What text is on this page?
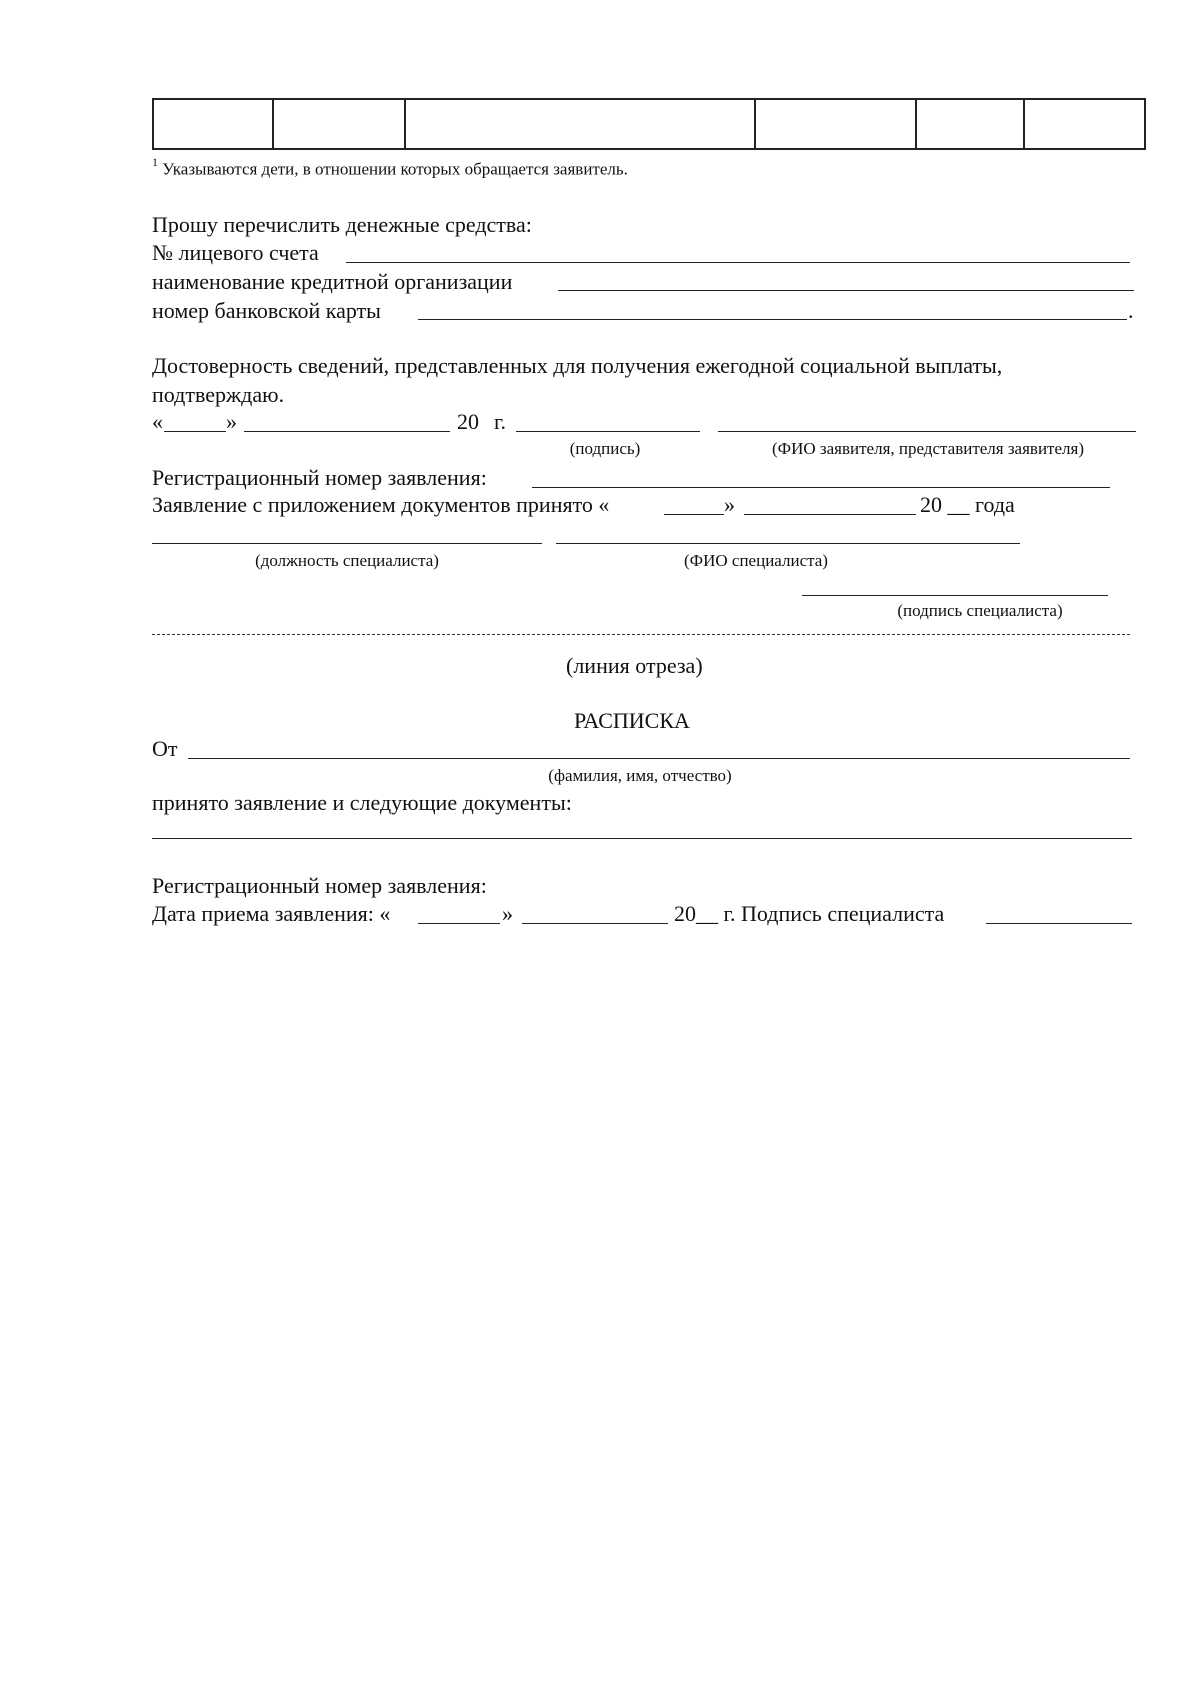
$^1$ Указываются дети, в отношении которых обращается заявитель.
Прошу перечислить денежные средства:
№ лицевого счета
наименование кредитной организации
номер банковской карты	.
Достоверность сведений, представленных для получения ежегодной социальной выплаты,
подтверждаю.
«	»	20 г.
(подпись)	(ФИО заявителя, представителя заявителя)
Регистрационный номер заявления:
Заявление с приложением документов принято «	»	20 __ года
(должность специалиста)	(ФИО специалиста)
(подпись специалиста)
(линия отреза)
РАСПИСКА
От
(фамилия, имя, отчество)
принято заявление и следующие документы:
Регистрационный номер заявления:
Дата приема заявления: «	»	20__ г. Подпись специалиста
